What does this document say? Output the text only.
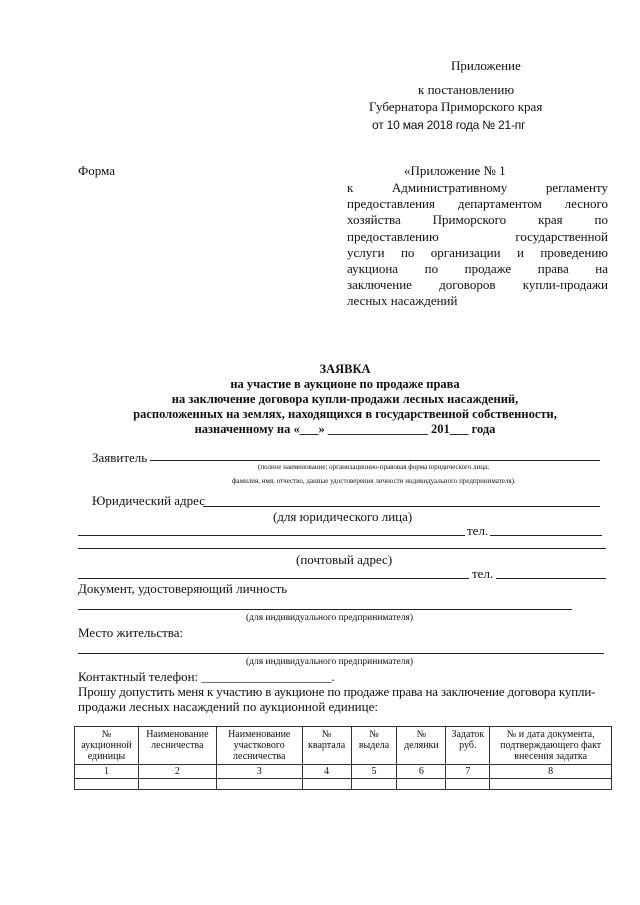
Приложение
к постановлению
Губернатора Приморского края
от 10 мая 2018 года № 21-пг
Форма	«Приложение № 1
к Административному регламенту
предоставления департаментом лесного
хозяйства Приморского края по
предоставлению государственной
услуги по организации и проведению
аукциона по продаже права на
заключение договоров купли-продажи
лесных насаждений
ЗАЯВКА
на участие в аукционе по продаже права
на заключение договора купли-продажи лесных насаждений,
расположенных на землях, находящихся в государственной собственности,
назначенному на «___» ________________ 201___ года
Заявитель
(полное наименование; организационно-правовая форма юридического лица;
фамилия, имя, отчество, данные удостоверения личности индивидуального предпринимателя).
Юридический адрес
(для юридического лица)
тел.
(почтовый адрес)
тел.
Документ, удостоверяющий личность
(для индивидуального предпринимателя)
Место жительства:
(для индивидуального предпринимателя)
Контактный телефон: ____________________.
Прошу допустить меня к участию в аукционе по продаже права на заключение договора купли-
продажи лесных насаждений по аукционной единице:
№ аукционной единицы	Наименование лесничества	Наименование участкового лесничества	№ квартала	№ выдела	№ делянки	Задаток руб.	№ и дата документа, подтверждающего факт внесения задатка
1	2	3	4	5	6	7	8
